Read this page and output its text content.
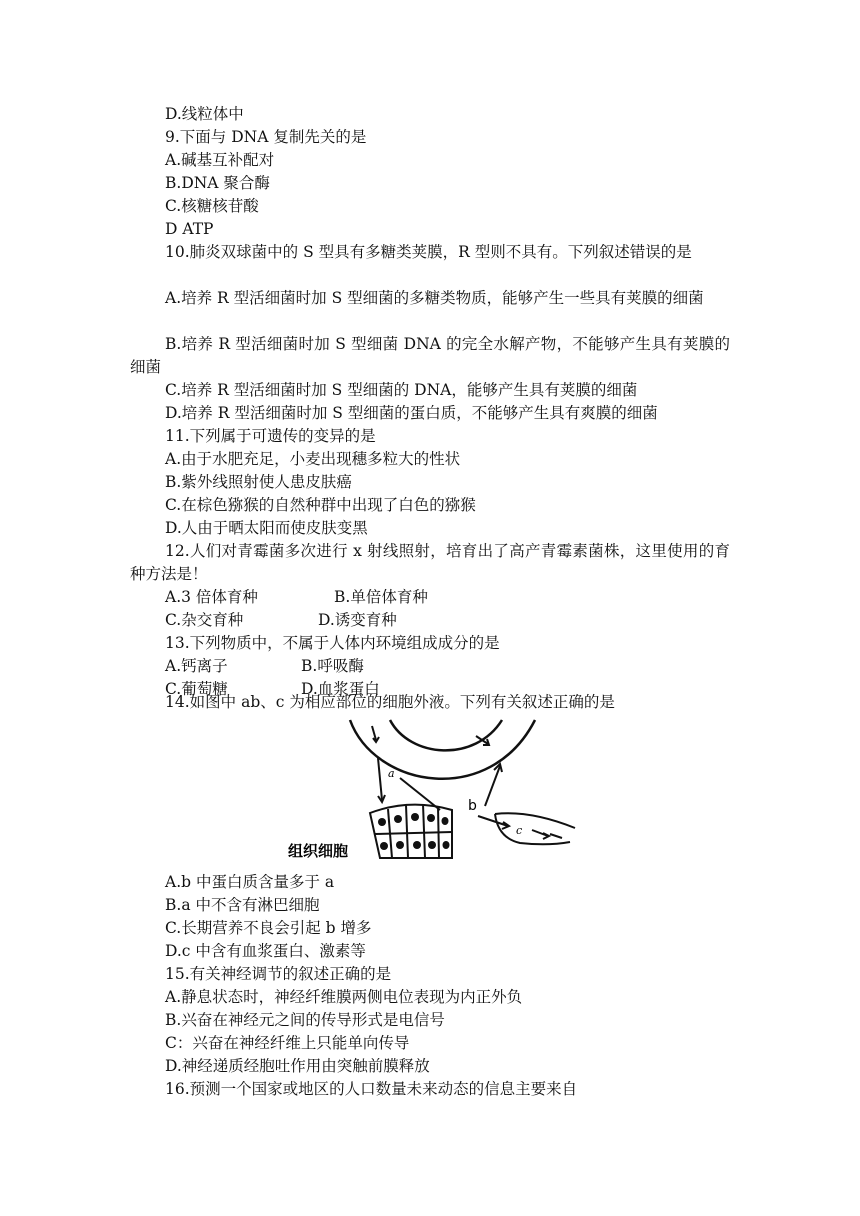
D.线粒体中
9.下面与 DNA 复制先关的是
A.碱基互补配对
B.DNA 聚合酶
C.核糖核苷酸
D ATP
10.肺炎双球菌中的 S 型具有多糖类荚膜，R 型则不具有。下列叙述错误的是
A.培养 R 型活细菌时加 S 型细菌的多糖类物质，能够产生一些具有荚膜的细菌
B.培养 R 型活细菌时加 S 型细菌 DNA 的完全水解产物，不能够产生具有荚膜的细菌
C.培养 R 型活细菌时加 S 型细菌的 DNA，能够产生具有荚膜的细菌
D.培养 R 型活细菌时加 S 型细菌的蛋白质，不能够产生具有爽膜的细菌
11.下列属于可遗传的变异的是
A.由于水肥充足，小麦出现穗多粒大的性状
B.紫外线照射使人患皮肤癌
C.在棕色猕猴的自然种群中出现了白色的猕猴
D.人由于晒太阳而使皮肤变黑
12.人们对青霉菌多次进行 x 射线照射，培育出了高产青霉素菌株，这里使用的育种方法是！
A.3 倍体育种	B.单倍体育种
C.杂交育种	D.诱变育种
13.下列物质中，不属于人体内环境组成成分的是
A.钙离子	B.呼吸酶
C.葡萄糖	D.血浆蛋白
14.如图中 ab、c 为相应部位的细胞外液。下列有关叙述正确的是
a
b
c
组织细胞
A.b 中蛋白质含量多于 a
B.a 中不含有淋巴细胞
C.长期营养不良会引起 b 增多
D.c 中含有血浆蛋白、激素等
15.有关神经调节的叙述正确的是
A.静息状态时，神经纤维膜两侧电位表现为内正外负
B.兴奋在神经元之间的传导形式是电信号
C：兴奋在神经纤维上只能单向传导
D.神经递质经胞吐作用由突触前膜释放
16.预测一个国家或地区的人口数量未来动态的信息主要来自
